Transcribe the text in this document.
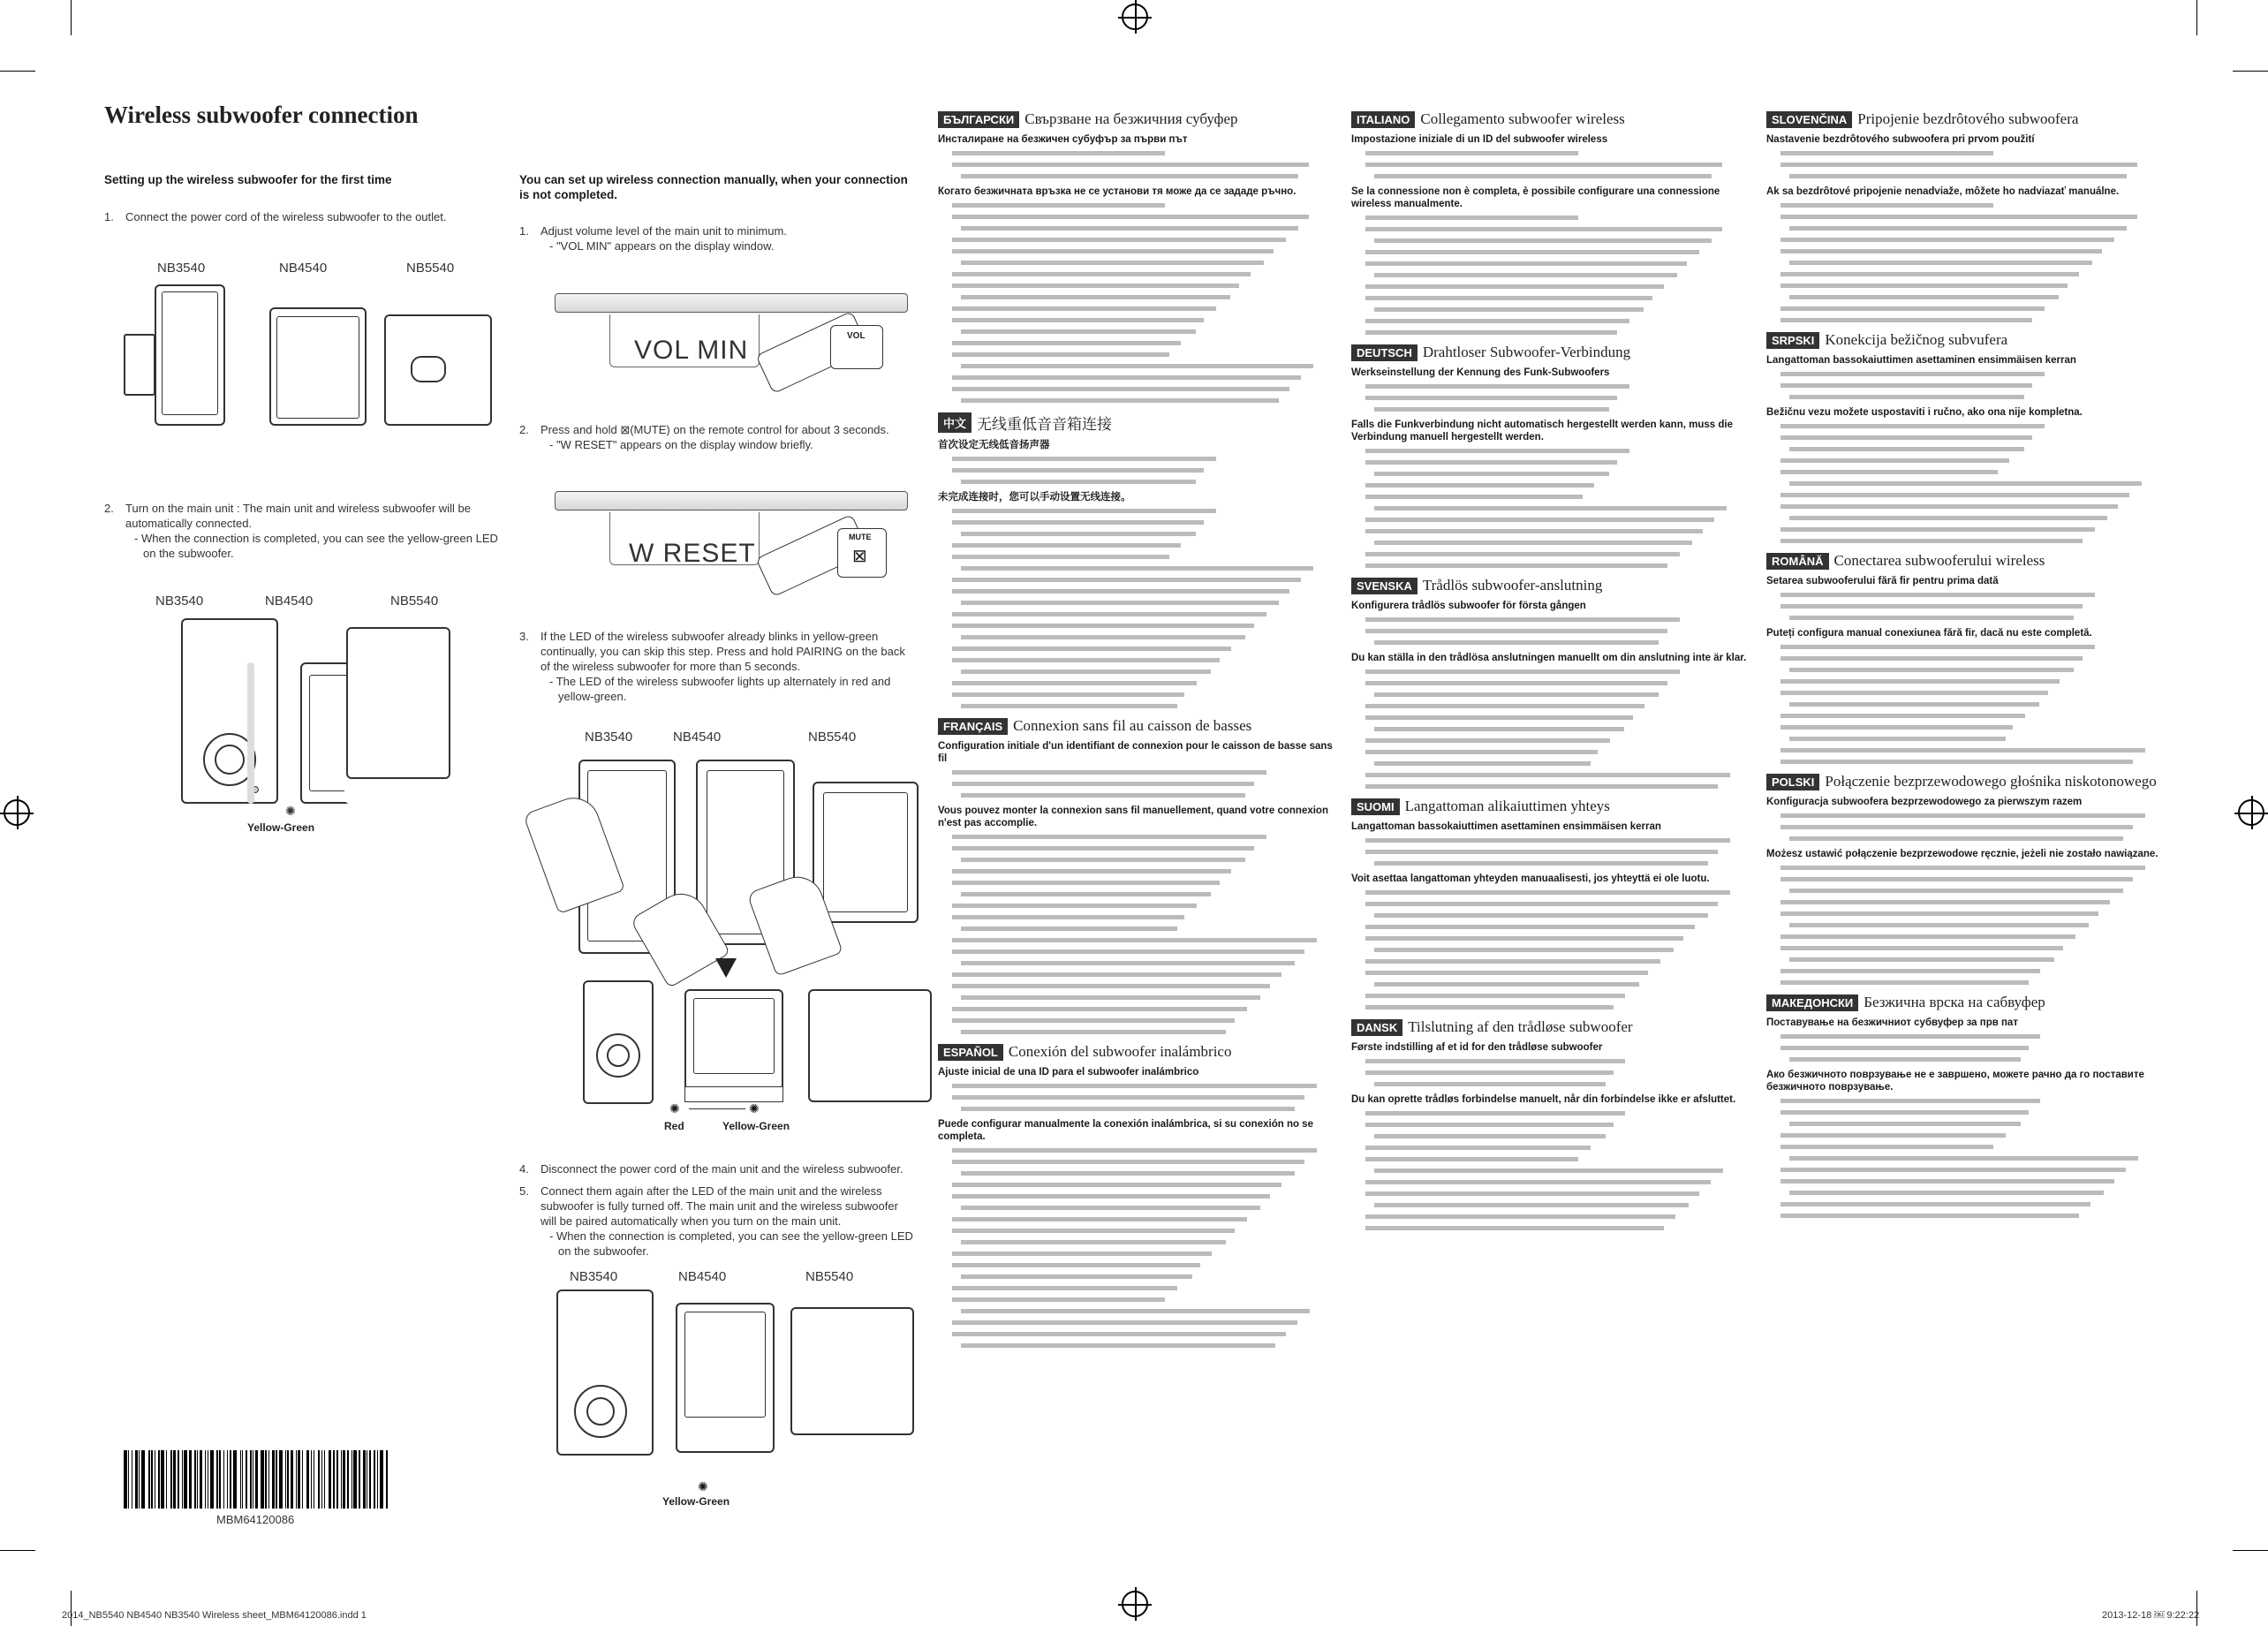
Wireless subwoofer connection
Setting up the wireless subwoofer for the first time
1. Connect the power cord of the wireless subwoofer to the outlet.
NB3540	NB4540	NB5540
2. Turn on the main unit : The main unit and wireless subwoofer will be
automatically connected.
- When the connection is completed, you can see the yellow-green LED
on the subwoofer.
NB3540	NB4540	NB5540
✺
Yellow-Green
MBM64120086
You can set up wireless connection manually, when your connection
is not completed.
1. Adjust volume level of the main unit to minimum.
- "VOL MIN" appears on the display window.
VOL MIN	VOL
2. Press and hold ⊠(MUTE) on the remote control for about 3 seconds.
- "W RESET" appears on the display window briefly.
W RESET
MUTE
⊠
3. If the LED of the wireless subwoofer already blinks in yellow-green
continually, you can skip this step. Press and hold PAIRING on the back
of the wireless subwoofer for more than 5 seconds.
- The LED of the wireless subwoofer lights up alternately in red and
yellow-green.
NB3540	NB4540	NB5540
✺	✺
Red	Yellow-Green
4. Disconnect the power cord of the main unit and the wireless subwoofer.
5. Connect them again after the LED of the main unit and the wireless
subwoofer is fully turned off. The main unit and the wireless subwoofer
will be paired automatically when you turn on the main unit.
- When the connection is completed, you can see the yellow-green LED
on the subwoofer.
NB3540	NB4540	NB5540
✺
Yellow-Green
БЪЛГАРСКИ Свързване на безжичния субуфер
Инсталиране на безжичен субуфър за първи път
Когато безжичната връзка не се установи тя може да се зададе ръчно.
中文 无线重低音音箱连接
首次设定无线低音扬声器
未完成连接时，您可以手动设置无线连接。
FRANÇAIS Connexion sans fil au caisson de basses
Configuration initiale d'un identifiant de connexion pour le caisson de basse sans fil
Vous pouvez monter la connexion sans fil manuellement, quand votre connexion n'est pas accomplie.
ESPAÑOL Conexión del subwoofer inalámbrico
Ajuste inicial de una ID para el subwoofer inalámbrico
Puede configurar manualmente la conexión inalámbrica, si su conexión no se completa.
ITALIANO Collegamento subwoofer wireless
Impostazione iniziale di un ID del subwoofer wireless
Se la connessione non è completa, è possibile configurare una connessione wireless manualmente.
DEUTSCH Drahtloser Subwoofer-Verbindung
Werkseinstellung der Kennung des Funk-Subwoofers
Falls die Funkverbindung nicht automatisch hergestellt werden kann, muss die Verbindung manuell hergestellt werden.
SVENSKA Trådlös subwoofer-anslutning
Konfigurera trådlös subwoofer för första gången
Du kan ställa in den trådlösa anslutningen manuellt om din anslutning inte är klar.
SUOMI Langattoman alikaiuttimen yhteys
Langattoman bassokaiuttimen asettaminen ensimmäisen kerran
Voit asettaa langattoman yhteyden manuaalisesti, jos yhteyttä ei ole luotu.
DANSK Tilslutning af den trådløse subwoofer
Første indstilling af et id for den trådløse subwoofer
Du kan oprette trådløs forbindelse manuelt, når din forbindelse ikke er afsluttet.
SLOVENČINA Pripojenie bezdrôtového subwoofera
Nastavenie bezdrôtového subwoofera pri prvom použití
Ak sa bezdrôtové pripojenie nenadviaže, môžete ho nadviazať manuálne.
SRPSKI Konekcija bežičnog subvufera
Langattoman bassokaiuttimen asettaminen ensimmäisen kerran
Bežičnu vezu možete uspostaviti i ručno, ako ona nije kompletna.
ROMÂNĂ Conectarea subwooferului wireless
Setarea subwooferului fără fir pentru prima dată
Puteți configura manual conexiunea fără fir, dacă nu este completă.
POLSKI Połączenie bezprzewodowego głośnika niskotonowego
Konfiguracja subwoofera bezprzewodowego za pierwszym razem
Możesz ustawić połączenie bezprzewodowe ręcznie, jeżeli nie zostało nawiązane.
МАКЕДОНСКИ Безжична врска на сабвуфер
Поставување на безжичниот субвуфер за прв пат
Ако безжичното поврзување не е завршено, можете рачно да го поставите безжичното поврзување.
2014_NB5540 NB4540 NB3540 Wireless sheet_MBM64120086.indd 1	2013-12-18 ￼ 9:22:22
